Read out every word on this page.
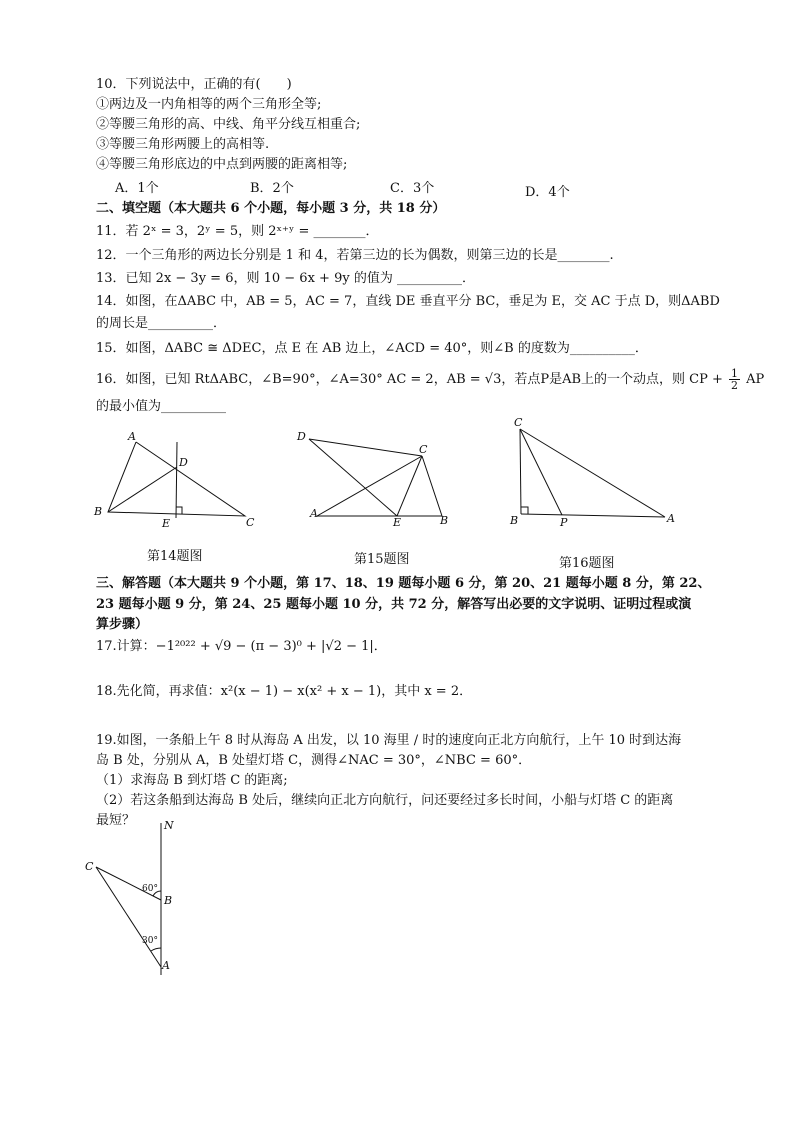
10．下列说法中，正确的有(　　)
①两边及一内角相等的两个三角形全等;
②等腰三角形的高、中线、角平分线互相重合;
③等腰三角形两腰上的高相等.
④等腰三角形底边的中点到两腰的距离相等;
A．1个	B．2个	C．3个	D．4个
二、填空题（本大题共 6 个小题，每小题 3 分，共 18 分）
11．若 2ˣ = 3，2ʸ = 5，则 2ˣ⁺ʸ = ________．
12．一个三角形的两边长分别是 1 和 4，若第三边的长为偶数，则第三边的长是________.
13．已知 2x − 3y = 6，则 10 − 6x + 9y 的值为 __________．
14．如图，在ΔABC 中，AB = 5，AC = 7，直线 DE 垂直平分 BC，垂足为 E，交 AC 于点 D，则ΔABD
的周长是__________．
15．如图，ΔABC ≅ ΔDEC，点 E 在 AB 边上，∠ACD = 40°，则∠B 的度数为__________．
16．如图，已知 RtΔABC，∠B=90°，∠A=30° AC = 2，AB = √3，若点P是AB上的一个动点，则 CP + $\frac{1}{2}$ AP
的最小值为__________
A
D
B
E	C
第14题图
D
C
A
E	B
第15题图
C
B	P	A
第16题图
三、解答题（本大题共 9 个小题，第 17、18、19 题每小题 6 分，第 20、21 题每小题 8 分，第 22、
23 题每小题 9 分，第 24、25 题每小题 10 分，共 72 分，解答写出必要的文字说明、证明过程或演
算步骤）
17.计算：−1²⁰²² + √9 − (π − 3)⁰ + |√2 − 1|．
18.先化简，再求值：x²(x − 1) − x(x² + x − 1)，其中 x = 2．
19.如图，一条船上午 8 时从海岛 A 出发，以 10 海里 / 时的速度向正北方向航行，上午 10 时到达海
岛 B 处，分别从 A，B 处望灯塔 C，测得∠NAC = 30°，∠NBC = 60°．
（1）求海岛 B 到灯塔 C 的距离;
（2）若这条船到达海岛 B 处后，继续向正北方向航行，问还要经过多长时间，小船与灯塔 C 的距离
最短？	N
C
60°
B
30°
A
